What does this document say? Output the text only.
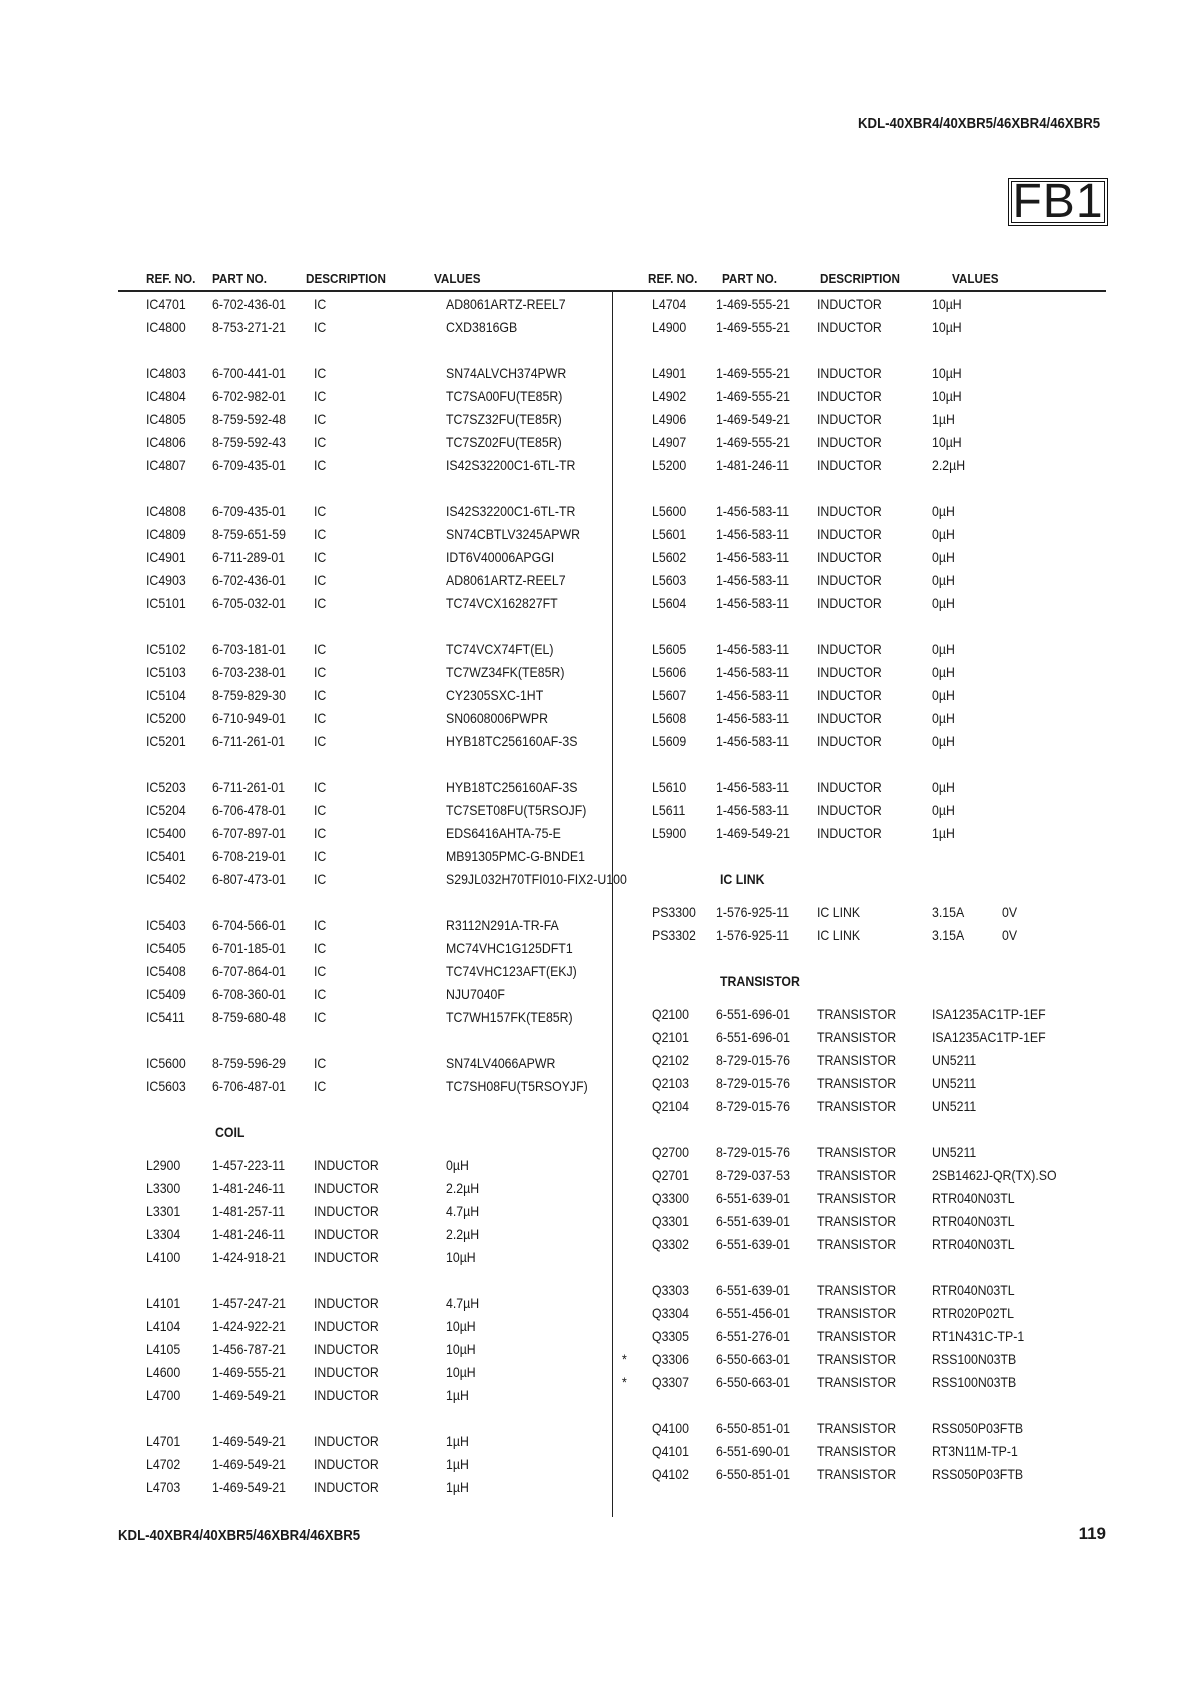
KDL-40XBR4/40XBR5/46XBR4/46XBR5
FB1
REF. NO. PART NO.	DESCRIPTION	VALUES	REF. NO. PART NO.	DESCRIPTION	VALUES
IC4701 6-702-436-01 IC	AD8061ARTZ-REEL7
IC4800 8-753-271-21 IC	CXD3816GB
IC4803 6-700-441-01 IC	SN74ALVCH374PWR
IC4804 6-702-982-01 IC	TC7SA00FU(TE85R)
IC4805 8-759-592-48 IC	TC7SZ32FU(TE85R)
IC4806 8-759-592-43 IC	TC7SZ02FU(TE85R)
IC4807 6-709-435-01 IC	IS42S32200C1-6TL-TR
IC4808 6-709-435-01 IC	IS42S32200C1-6TL-TR
IC4809 8-759-651-59 IC	SN74CBTLV3245APWR
IC4901 6-711-289-01 IC	IDT6V40006APGGI
IC4903 6-702-436-01 IC	AD8061ARTZ-REEL7
IC5101 6-705-032-01 IC	TC74VCX162827FT
IC5102 6-703-181-01 IC	TC74VCX74FT(EL)
IC5103 6-703-238-01 IC	TC7WZ34FK(TE85R)
IC5104 8-759-829-30 IC	CY2305SXC-1HT
IC5200 6-710-949-01 IC	SN0608006PWPR
IC5201 6-711-261-01 IC	HYB18TC256160AF-3S
IC5203 6-711-261-01 IC	HYB18TC256160AF-3S
IC5204 6-706-478-01 IC	TC7SET08FU(T5RSOJF)
IC5400 6-707-897-01 IC	EDS6416AHTA-75-E
IC5401 6-708-219-01 IC	MB91305PMC-G-BNDE1
IC5402 6-807-473-01 IC	S29JL032H70TFI010-FIX2-U100
IC5403 6-704-566-01 IC	R3112N291A-TR-FA
IC5405 6-701-185-01 IC	MC74VHC1G125DFT1
IC5408 6-707-864-01 IC	TC74VHC123AFT(EKJ)
IC5409 6-708-360-01 IC	NJU7040F
IC5411 8-759-680-48 IC	TC7WH157FK(TE85R)
IC5600 8-759-596-29 IC	SN74LV4066APWR
IC5603 6-706-487-01 IC	TC7SH08FU(T5RSOYJF)
COIL
L2900 1-457-223-11 INDUCTOR	0µH
L3300 1-481-246-11 INDUCTOR	2.2µH
L3301 1-481-257-11 INDUCTOR	4.7µH
L3304 1-481-246-11 INDUCTOR	2.2µH
L4100 1-424-918-21 INDUCTOR	10µH
L4101 1-457-247-21 INDUCTOR	4.7µH
L4104 1-424-922-21 INDUCTOR	10µH
L4105 1-456-787-21 INDUCTOR	10µH
L4600 1-469-555-21 INDUCTOR	10µH
L4700 1-469-549-21 INDUCTOR	1µH
L4701 1-469-549-21 INDUCTOR	1µH
L4702 1-469-549-21 INDUCTOR	1µH
L4703 1-469-549-21 INDUCTOR	1µH
L4704 1-469-555-21 INDUCTOR	10µH
L4900 1-469-555-21 INDUCTOR	10µH
L4901 1-469-555-21 INDUCTOR	10µH
L4902 1-469-555-21 INDUCTOR	10µH
L4906 1-469-549-21 INDUCTOR	1µH
L4907 1-469-555-21 INDUCTOR	10µH
L5200 1-481-246-11 INDUCTOR	2.2µH
L5600 1-456-583-11 INDUCTOR	0µH
L5601 1-456-583-11 INDUCTOR	0µH
L5602 1-456-583-11 INDUCTOR	0µH
L5603 1-456-583-11 INDUCTOR	0µH
L5604 1-456-583-11 INDUCTOR	0µH
L5605 1-456-583-11 INDUCTOR	0µH
L5606 1-456-583-11 INDUCTOR	0µH
L5607 1-456-583-11 INDUCTOR	0µH
L5608 1-456-583-11 INDUCTOR	0µH
L5609 1-456-583-11 INDUCTOR	0µH
L5610 1-456-583-11 INDUCTOR	0µH
L5611 1-456-583-11 INDUCTOR	0µH
L5900 1-469-549-21 INDUCTOR	1µH
IC LINK
PS3300 1-576-925-11 IC LINK	3.15A	0V
PS3302 1-576-925-11 IC LINK	3.15A	0V
TRANSISTOR
Q2100 6-551-696-01 TRANSISTOR	ISA1235AC1TP-1EF
Q2101 6-551-696-01 TRANSISTOR	ISA1235AC1TP-1EF
Q2102 8-729-015-76 TRANSISTOR	UN5211
Q2103 8-729-015-76 TRANSISTOR	UN5211
Q2104 8-729-015-76 TRANSISTOR	UN5211
Q2700 8-729-015-76 TRANSISTOR	UN5211
Q2701 8-729-037-53 TRANSISTOR	2SB1462J-QR(TX).SO
Q3300 6-551-639-01 TRANSISTOR	RTR040N03TL
Q3301 6-551-639-01 TRANSISTOR	RTR040N03TL
Q3302 6-551-639-01 TRANSISTOR	RTR040N03TL
Q3303 6-551-639-01 TRANSISTOR	RTR040N03TL
Q3304 6-551-456-01 TRANSISTOR	RTR020P02TL
Q3305 6-551-276-01 TRANSISTOR	RT1N431C-TP-1
* Q3306 6-550-663-01 TRANSISTOR	RSS100N03TB
* Q3307 6-550-663-01 TRANSISTOR	RSS100N03TB
Q4100 6-550-851-01 TRANSISTOR	RSS050P03FTB
Q4101 6-551-690-01 TRANSISTOR	RT3N11M-TP-1
Q4102 6-550-851-01 TRANSISTOR	RSS050P03FTB
KDL-40XBR4/40XBR5/46XBR4/46XBR5	119
